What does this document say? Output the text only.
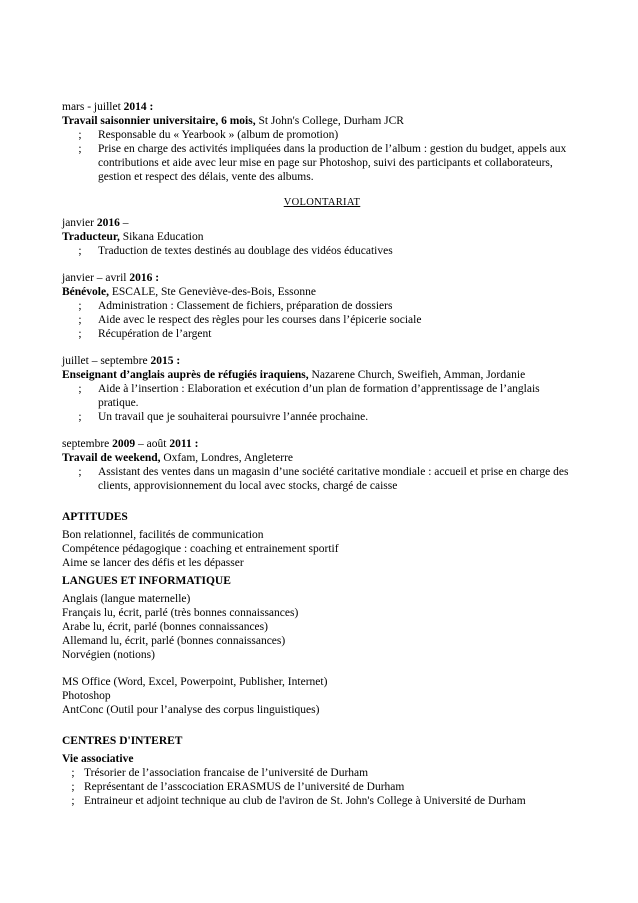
mars - juillet 2014 :
Travail saisonnier universitaire, 6 mois, St John's College, Durham JCR
;	Responsable du « Yearbook » (album de promotion)
;	Prise en charge des activités impliquées dans la production de l’album : gestion du budget, appels aux contributions et aide avec leur mise en page sur Photoshop, suivi des participants et collaborateurs, gestion et respect des délais, vente des albums.
VOLONTARIAT
janvier 2016 –
Traducteur, Sikana Education
;	Traduction de textes destinés au doublage des vidéos éducatives
janvier – avril 2016 :
Bénévole, ESCALE, Ste Geneviève-des-Bois, Essonne
;	Administration : Classement de fichiers, préparation de dossiers
;	Aide avec le respect des règles pour les courses dans l’épicerie sociale
;	Récupération de l’argent
juillet – septembre 2015 :
Enseignant d’anglais auprès de réfugiés iraquiens, Nazarene Church, Sweifieh, Amman, Jordanie
;	Aide à l’insertion : Elaboration et exécution d’un plan de formation d’apprentissage de l’anglais pratique.
;	Un travail que je souhaiterai poursuivre l’année prochaine.
septembre 2009 – août 2011 :
Travail de weekend, Oxfam, Londres, Angleterre
;	Assistant des ventes dans un magasin d’une société caritative mondiale : accueil et prise en charge des clients, approvisionnement du local avec stocks, chargé de caisse
APTITUDES
Bon relationnel, facilités de communication
Compétence pédagogique : coaching et entrainement sportif
Aime se lancer des défis et les dépasser
LANGUES ET INFORMATIQUE
Anglais (langue maternelle)
Français lu, écrit, parlé (très bonnes connaissances)
Arabe lu, écrit, parlé (bonnes connaissances)
Allemand lu, écrit, parlé (bonnes connaissances)
Norvégien (notions)
MS Office (Word, Excel, Powerpoint, Publisher, Internet)
Photoshop
AntConc (Outil pour l’analyse des corpus linguistiques)
CENTRES D'INTERET
Vie associative
; Trésorier de l’association francaise de l’université de Durham
; Représentant de l’asscociation ERASMUS de l’université de Durham
; Entraineur et adjoint technique au club de l'aviron de St. John's College à Université de Durham
